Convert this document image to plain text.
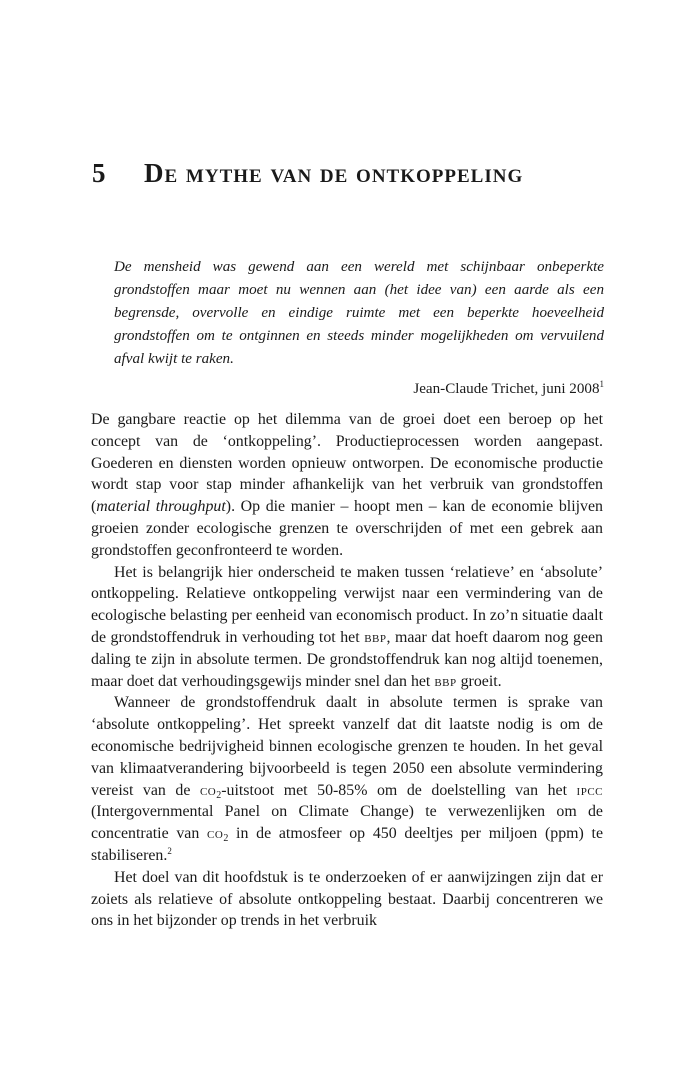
5 De mythe van de ontkoppeling

De mensheid was gewend aan een wereld met schijnbaar onbeperkte grondstoffen maar moet nu wennen aan (het idee van) een aarde als een begrensde, overvolle en eindige ruimte met een beperkte hoeveelheid grondstoffen om te ontginnen en steeds minder mogelijkheden om vervuilend afval kwijt te raken.

Jean-Claude Trichet, juni 2008$^1$

De gangbare reactie op het dilemma van de groei doet een beroep op het concept van de ‘ontkoppeling’. Productieprocessen worden aangepast. Goederen en diensten worden opnieuw ontworpen. De economische productie wordt stap voor stap minder afhankelijk van het verbruik van grondstoffen (material throughput). Op die manier – hoopt men – kan de economie blijven groeien zonder ecologische grenzen te overschrijden of met een gebrek aan grondstoffen geconfronteerd te worden.

Het is belangrijk hier onderscheid te maken tussen ‘relatieve’ en ‘absolute’ ontkoppeling. Relatieve ontkoppeling verwijst naar een vermindering van de ecologische belasting per eenheid van economisch product. In zo’n situatie daalt de grondstoffendruk in verhouding tot het bbp, maar dat hoeft daarom nog geen daling te zijn in absolute termen. De grondstoffendruk kan nog altijd toenemen, maar doet dat verhoudingsgewijs minder snel dan het bbp groeit.

Wanneer de grondstoffendruk daalt in absolute termen is sprake van ‘absolute ontkoppeling’. Het spreekt vanzelf dat dit laatste nodig is om de economische bedrijvigheid binnen ecologische grenzen te houden. In het geval van klimaatverandering bijvoorbeeld is tegen 2050 een absolute vermindering vereist van de $co_2$-uitstoot met 50-85% om de doelstelling van het ipcc (Intergovernmental Panel on Climate Change) te verwezenlijken om de concentratie van $co_2$ in de atmosfeer op 450 deeltjes per miljoen (ppm) te stabiliseren.$^2$

Het doel van dit hoofdstuk is te onderzoeken of er aanwijzingen zijn dat er zoiets als relatieve of absolute ontkoppeling bestaat. Daarbij concentreren we ons in het bijzonder op trends in het verbruik
